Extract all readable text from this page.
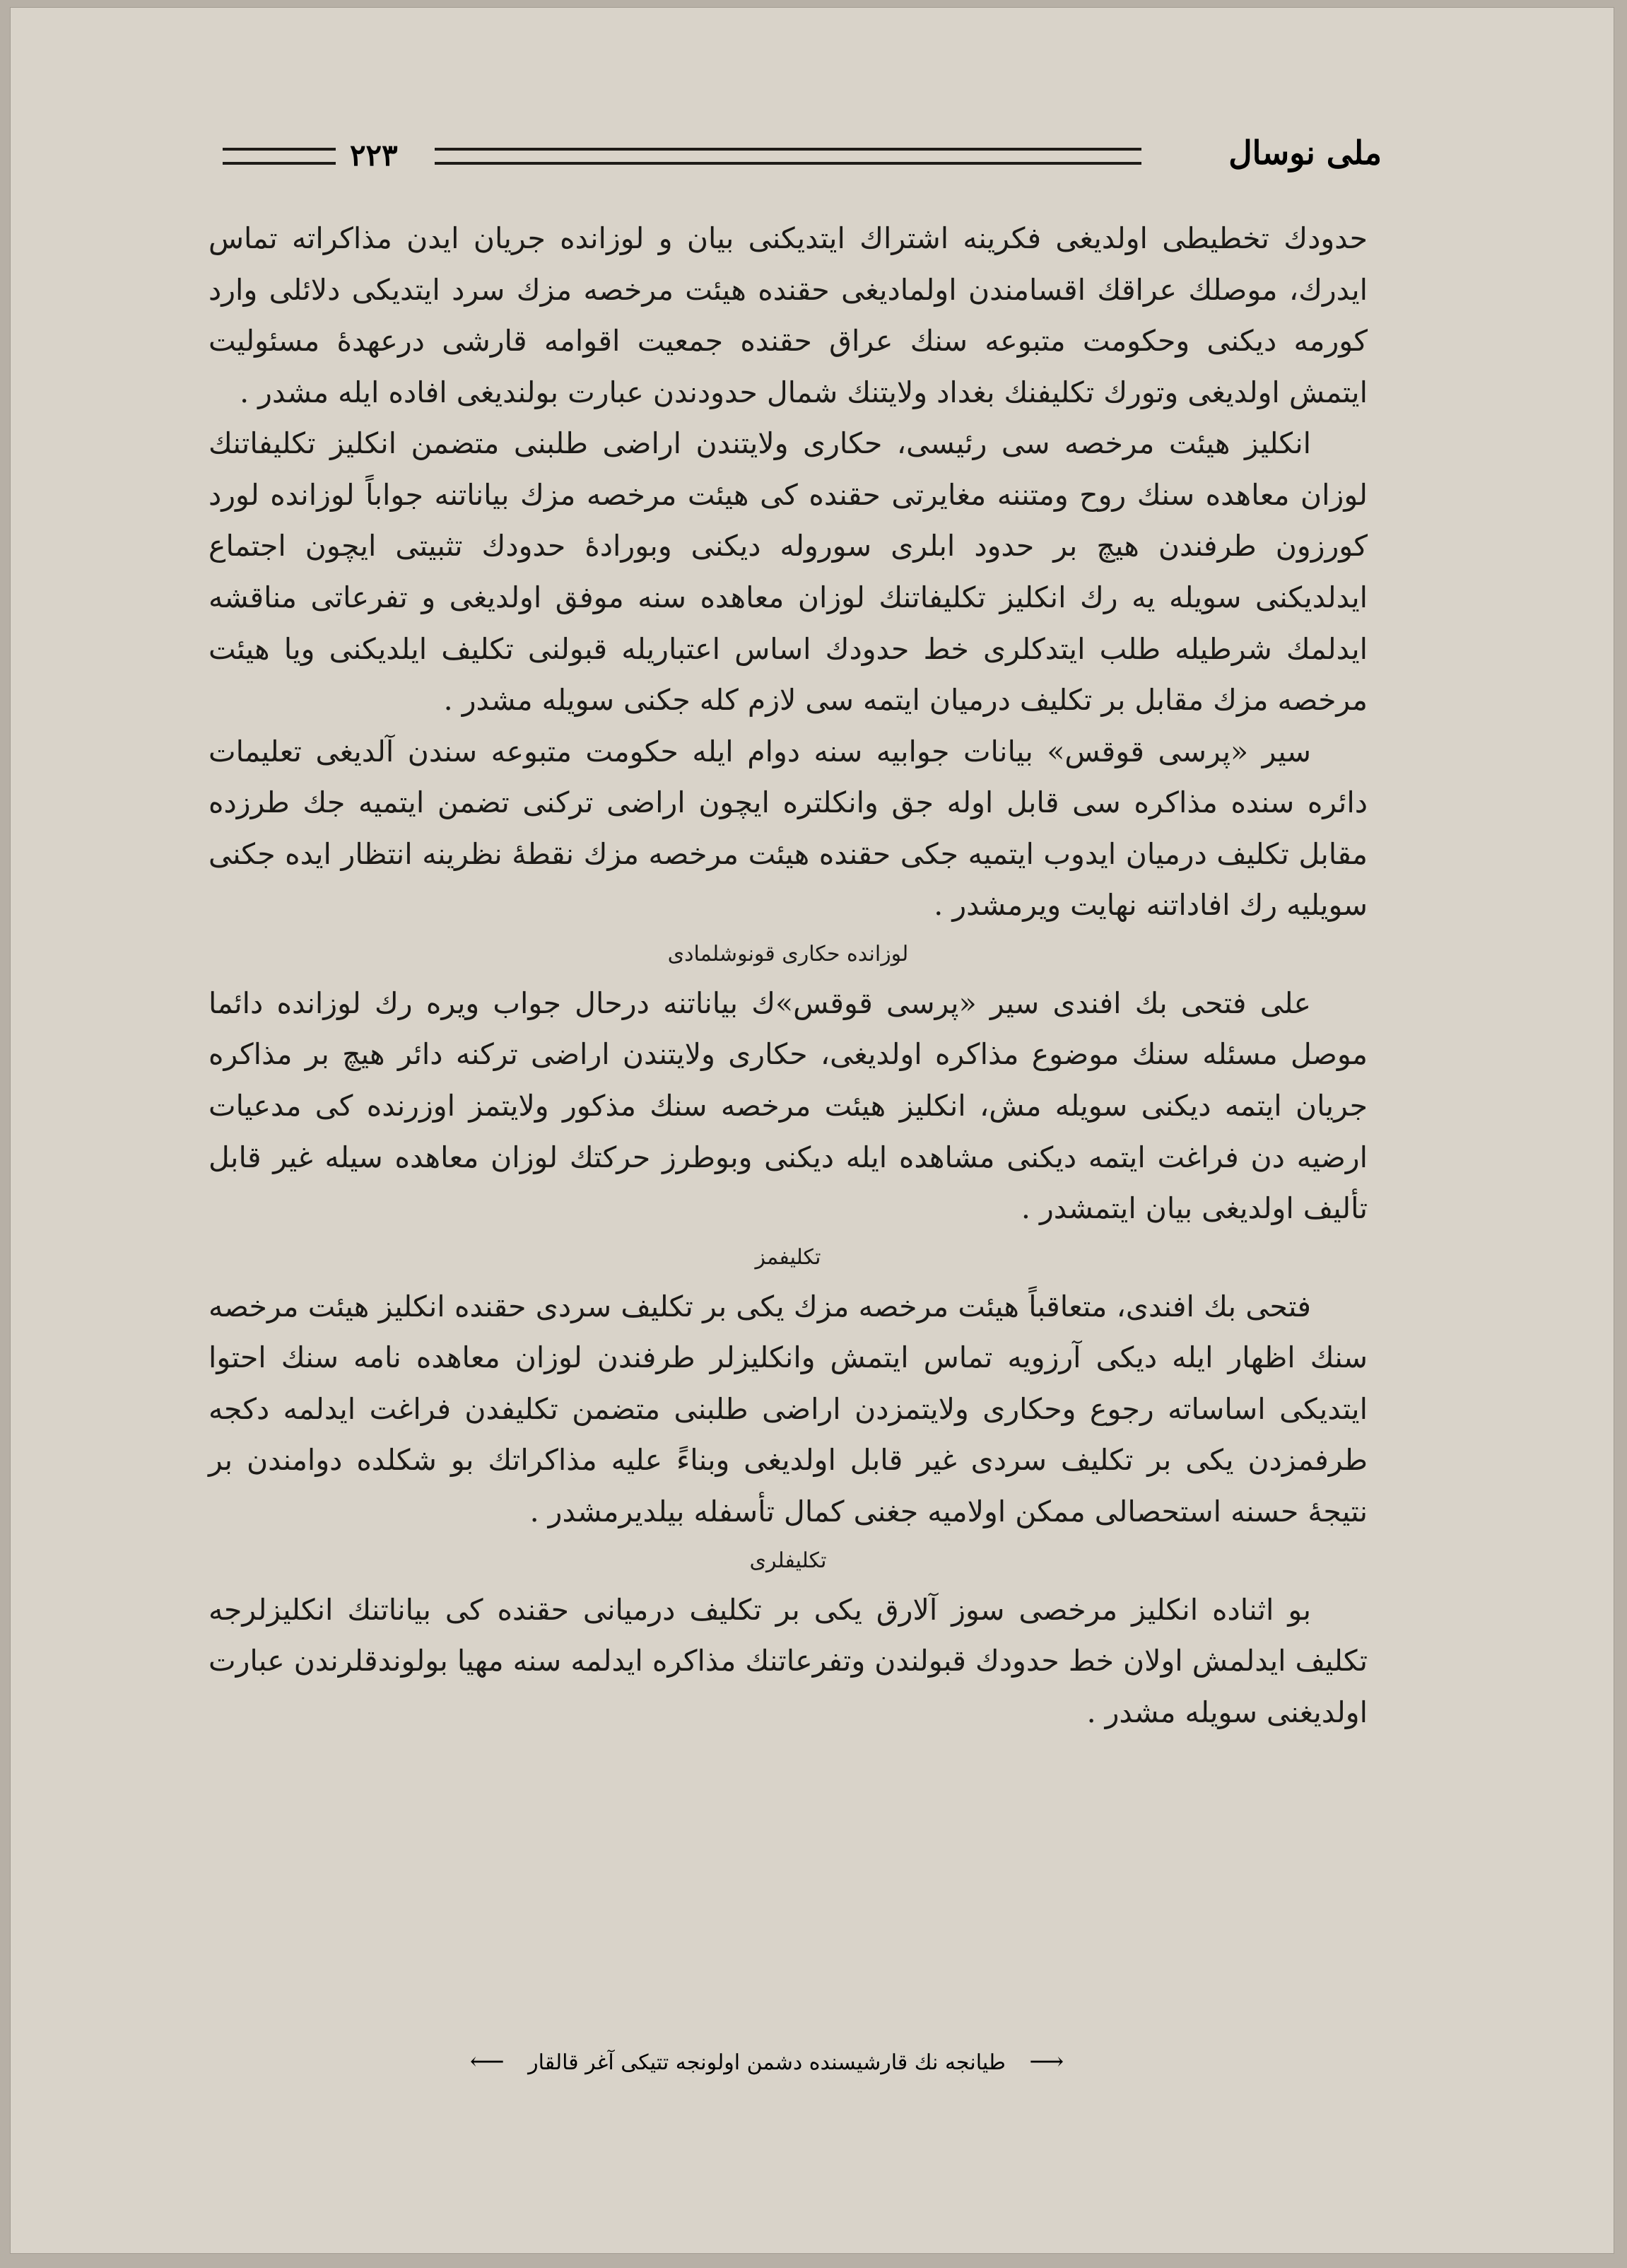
۲۲۳	ملی نوسال

حدودك تخطيطى اولديغى فكرينه اشتراك ايتديكنى بيان و لوزانده جريان ايدن مذاكراته تماس ايدرك، موصلك عراقك اقسامندن اولماديغى حقنده هيئت مرخصه مزك سرد ايتديكى دلائلى وارد كورمه ديكنى وحكومت متبوعه سنك عراق حقنده جمعيت اقوامه قارشى درعهدهٔ مسئوليت ايتمش اولديغى وتورك تكليفنك بغداد ولايتنك شمال حدودندن عبارت بولنديغى افاده ايله مشدر .

انكليز هيئت مرخصه سى رئيسى، حكارى ولايتندن اراضى طلبنى متضمن انكليز تكليفاتنك لوزان معاهده سنك روح ومتننه مغايرتى حقنده كى هيئت مرخصه مزك بياناتنه جواباً لوزانده لورد كورزون طرفندن هيچ بر حدود ابلرى سوروله ديكنى وبورادهٔ حدودك تثبيتى ايچون اجتماع ايدلديكنى سويله يه رك انكليز تكليفاتنك لوزان معاهده سنه موفق اولديغى و تفرعاتى مناقشه ايدلمك شرطيله طلب ايتدكلرى خط حدودك اساس اعتباريله قبولنى تكليف ايلديكنى ويا هيئت مرخصه مزك مقابل بر تكليف درميان ايتمه سى لازم كله جكنى سويله مشدر .

سير «پرسى قوقس» بيانات جوابيه سنه دوام ايله حكومت متبوعه سندن آلديغى تعليمات دائره سنده مذاكره سى قابل اوله جق وانكلتره ايچون اراضى تركنى تضمن ايتميه جك طرزده مقابل تكليف درميان ايدوب ايتميه جكى حقنده هيئت مرخصه مزك نقطهٔ نظرينه انتظار ايده جكنى سويليه رك افاداتنه نهايت ويرمشدر .

لوزانده حكارى قونوشلمادى

على فتحى بك افندى سير «پرسى قوقس»ك بياناتنه درحال جواب ويره رك لوزانده دائما موصل مسئله سنك موضوع مذاكره اولديغى، حكارى ولايتندن اراضى تركنه دائر هيچ بر مذاكره جريان ايتمه ديكنى سويله مش، انكليز هيئت مرخصه سنك مذكور ولايتمز اوزرنده كى مدعيات ارضيه دن فراغت ايتمه ديكنى مشاهده ايله ديكنى وبوطرز حركتك لوزان معاهده سيله غير قابل تأليف اولديغى بيان ايتمشدر .

تكليفمز

فتحى بك افندى، متعاقباً هيئت مرخصه مزك يكى بر تكليف سردى حقنده انكليز هيئت مرخصه سنك اظهار ايله ديكى آرزويه تماس ايتمش وانكليزلر طرفندن لوزان معاهده نامه سنك احتوا ايتديكى اساساته رجوع وحكارى ولايتمزدن اراضى طلبنى متضمن تكليفدن فراغت ايدلمه دكجه طرفمزدن يكى بر تكليف سردى غير قابل اولديغى وبناءً عليه مذاكراتك بو شكلده دوامندن بر نتيجهٔ حسنه استحصالى ممكن اولاميه جغنى كمال تأسفله بيلديرمشدر .

تكليفلرى

بو اثناده انكليز مرخصى سوز آلارق يكى بر تكليف درميانى حقنده كى بياناتنك انكليزلرجه تكليف ايدلمش اولان خط حدودك قبولندن وتفرعاتنك مذاكره ايدلمه سنه مهيا بولوندقلرندن عبارت اولديغنى سويله مشدر .

⟵ طيانجه نك قارشيسنده دشمن اولونجه تتيكى آغر قالقار ⟶
